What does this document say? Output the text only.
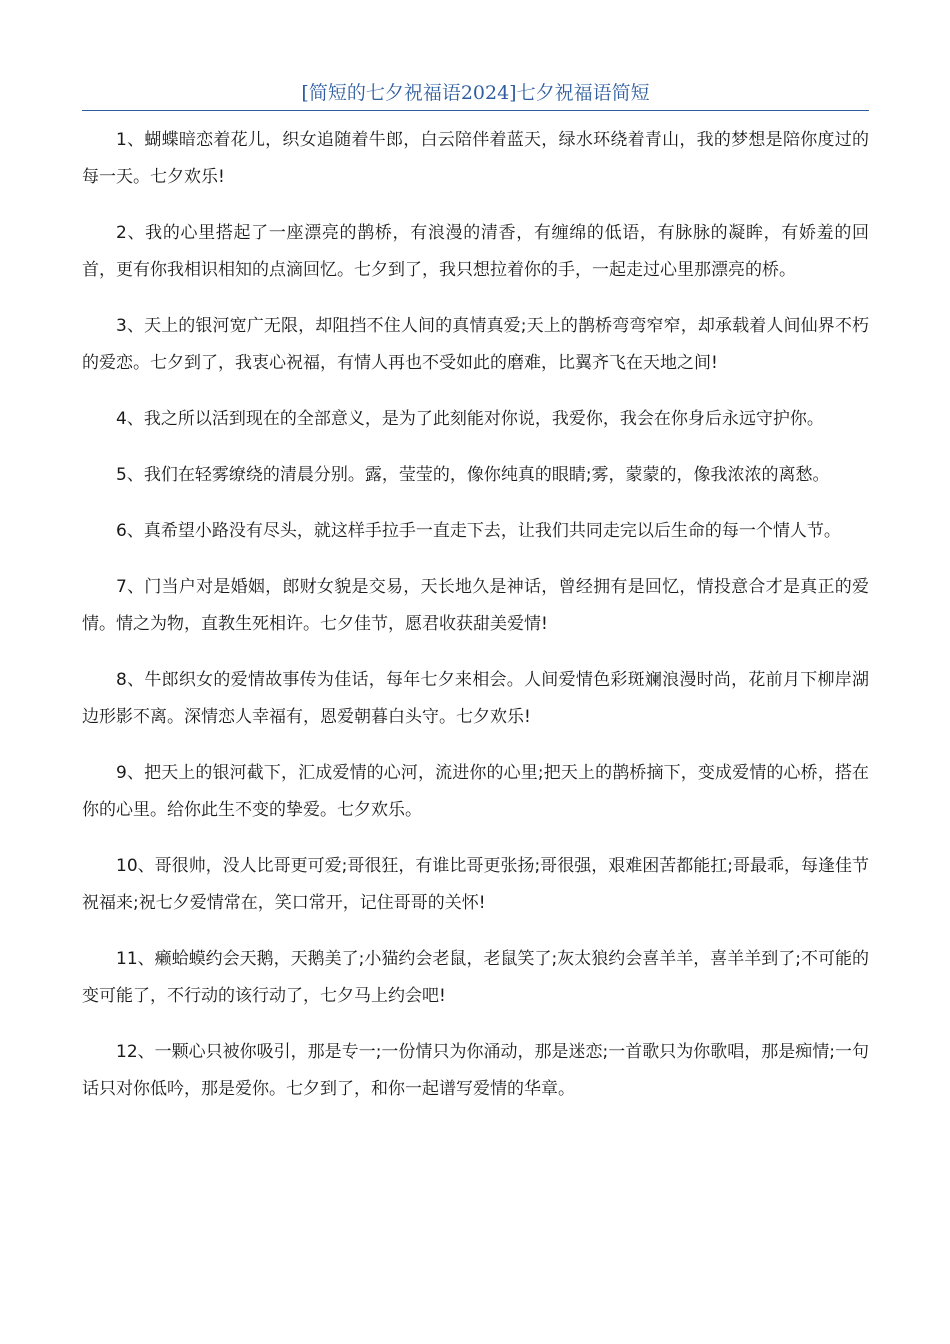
[简短的七夕祝福语2024]七夕祝福语简短

1、蝴蝶暗恋着花儿，织女追随着牛郎，白云陪伴着蓝天，绿水环绕着青山，我的梦想是陪你度过的每一天。七夕欢乐!

2、我的心里搭起了一座漂亮的鹊桥，有浪漫的清香，有缠绵的低语，有脉脉的凝眸，有娇羞的回首，更有你我相识相知的点滴回忆。七夕到了，我只想拉着你的手，一起走过心里那漂亮的桥。

3、天上的银河宽广无限，却阻挡不住人间的真情真爱;天上的鹊桥弯弯窄窄，却承载着人间仙界不朽的爱恋。七夕到了，我衷心祝福，有情人再也不受如此的磨难，比翼齐飞在天地之间!

4、我之所以活到现在的全部意义，是为了此刻能对你说，我爱你，我会在你身后永远守护你。

5、我们在轻雾缭绕的清晨分别。露，莹莹的，像你纯真的眼睛;雾，蒙蒙的，像我浓浓的离愁。

6、真希望小路没有尽头，就这样手拉手一直走下去，让我们共同走完以后生命的每一个情人节。

7、门当户对是婚姻，郎财女貌是交易，天长地久是神话，曾经拥有是回忆，情投意合才是真正的爱情。情之为物，直教生死相许。七夕佳节，愿君收获甜美爱情!

8、牛郎织女的爱情故事传为佳话，每年七夕来相会。人间爱情色彩斑斓浪漫时尚，花前月下柳岸湖边形影不离。深情恋人幸福有，恩爱朝暮白头守。七夕欢乐!

9、把天上的银河截下，汇成爱情的心河，流进你的心里;把天上的鹊桥摘下，变成爱情的心桥，搭在你的心里。给你此生不变的挚爱。七夕欢乐。

10、哥很帅，没人比哥更可爱;哥很狂，有谁比哥更张扬;哥很强，艰难困苦都能扛;哥最乖，每逢佳节祝福来;祝七夕爱情常在，笑口常开，记住哥哥的关怀!

11、癞蛤蟆约会天鹅，天鹅美了;小猫约会老鼠，老鼠笑了;灰太狼约会喜羊羊，喜羊羊到了;不可能的变可能了，不行动的该行动了，七夕马上约会吧!

12、一颗心只被你吸引，那是专一;一份情只为你涌动，那是迷恋;一首歌只为你歌唱，那是痴情;一句话只对你低吟，那是爱你。七夕到了，和你一起谱写爱情的华章。
